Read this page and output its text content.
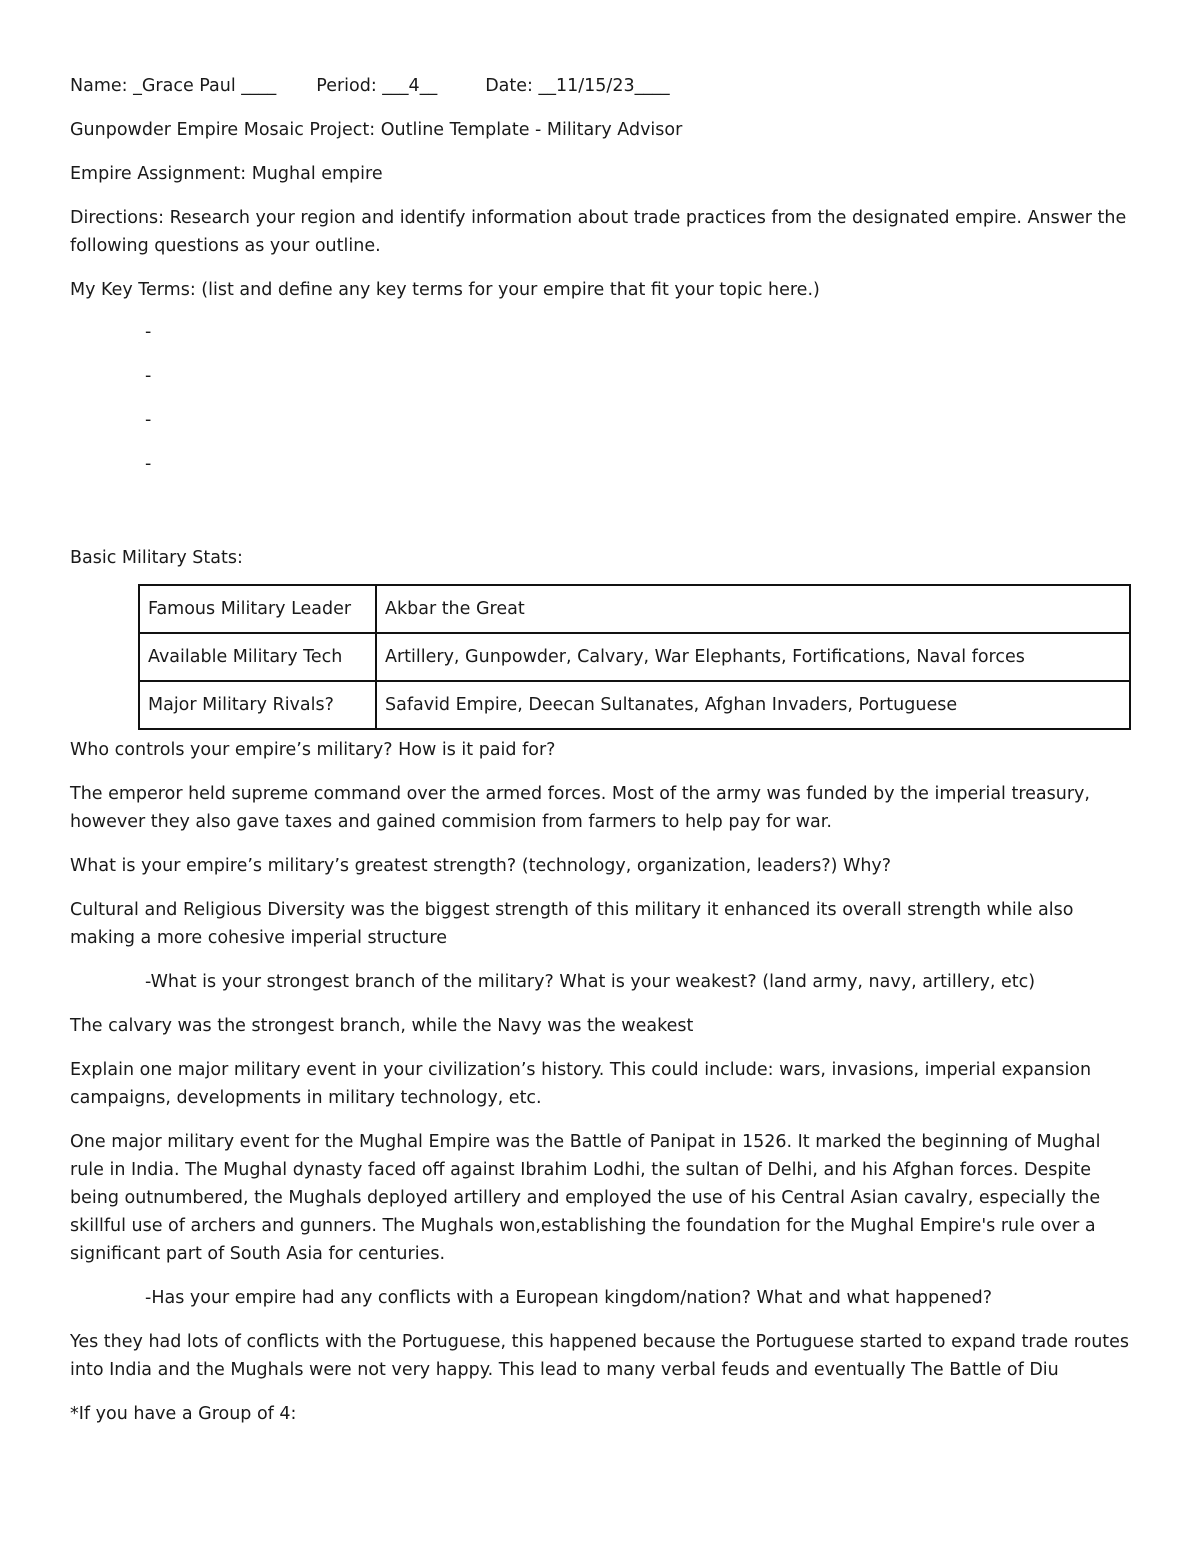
Name: _Grace Paul ____ Period: ___4__	Date: __11/15/23____

Gunpowder Empire Mosaic Project: Outline Template - Military Advisor

Empire Assignment: Mughal empire

Directions: Research your region and identify information about trade practices from the designated empire. Answer the following questions as your outline.

My Key Terms: (list and define any key terms for your empire that fit your topic here.)

-
-
-
-

Basic Military Stats:

Famous Military Leader	Akbar the Great
Available Military Tech	Artillery, Gunpowder, Calvary, War Elephants, Fortifications, Naval forces
Major Military Rivals?	Safavid Empire, Deecan Sultanates, Afghan Invaders, Portuguese

Who controls your empire’s military? How is it paid for?

The emperor held supreme command over the armed forces. Most of the army was funded by the imperial treasury, however they also gave taxes and gained commision from farmers to help pay for war.

What is your empire’s military’s greatest strength? (technology, organization, leaders?) Why?

Cultural and Religious Diversity was the biggest strength of this military it enhanced its overall strength while also making a more cohesive imperial structure

-What is your strongest branch of the military? What is your weakest? (land army, navy, artillery, etc)

The calvary was the strongest branch, while the Navy was the weakest

Explain one major military event in your civilization’s history. This could include: wars, invasions, imperial expansion campaigns, developments in military technology, etc.

One major military event for the Mughal Empire was the Battle of Panipat in 1526. It marked the beginning of Mughal rule in India. The Mughal dynasty faced off against Ibrahim Lodhi, the sultan of Delhi, and his Afghan forces. Despite being outnumbered, the Mughals deployed artillery and employed the use of his Central Asian cavalry, especially the skillful use of archers and gunners. The Mughals won,establishing the foundation for the Mughal Empire's rule over a significant part of South Asia for centuries.

-Has your empire had any conflicts with a European kingdom/nation? What and what happened?

Yes they had lots of conflicts with the Portuguese, this happened because the Portuguese started to expand trade routes into India and the Mughals were not very happy. This lead to many verbal feuds and eventually The Battle of Diu

*If you have a Group of 4:
